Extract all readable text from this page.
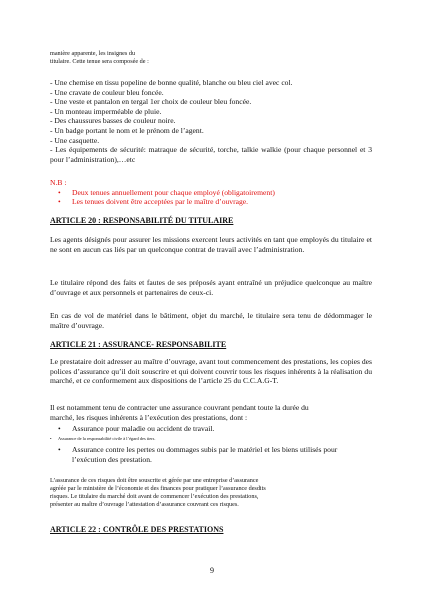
manière apparente, les insignes du
titulaire. Cette tenue sera composée de :
- Une chemise en tissu popeline de bonne qualité, blanche ou bleu ciel avec col.
- Une cravate de couleur bleu foncée.
- Une veste et pantalon en tergal 1er choix de couleur bleu foncée.
- Un monteau imperméable de pluie.
- Des chaussures basses de couleur noire.
- Un badge portant le nom et le prénom de l’agent.
- Une casquette.
- Les équipements de sécurité: matraque de sécurité, torche, talkie walkie (pour chaque personnel et 3 pour l’administration),…etc
N.B :
• Deux tenues annuellement pour chaque employé (obligatoirement)
• Les tenues doivent être acceptées par le maître d’ouvrage.
ARTICLE 20 : RESPONSABILITÉ DU TITULAIRE
Les agents désignés pour assurer les missions exercent leurs activités en tant que employés du titulaire et ne sont en aucun cas liés par un quelconque contrat de travail avec l’administration.
Le titulaire répond des faits et fautes de ses préposés ayant entraîné un préjudice quelconque au maître d’ouvrage et aux personnels et partenaires de ceux-ci.
En cas de vol de matériel dans le bâtiment, objet du marché, le titulaire sera tenu de dédommager le maître d’ouvrage.
ARTICLE 21 : ASSURANCE- RESPONSABILITE
Le prestataire doit adresser au maître d’ouvrage, avant tout commencement des prestations, les copies des polices d’assurance qu’il doit souscrire et qui doivent couvrir tous les risques inhérents à la réalisation du marché, et ce conformement aux dispositions de l’article 25 du C.C.A.G-T.
Il est notamment tenu de contracter une assurance couvrant pendant toute la durée du
marché, les risques inhérents à l’exécution des prestations, dont :
• Assurance pour maladie ou accident de travail.
• Assurance de la responsabilité civile à l’égard des tiers.
• Assurance contre les pertes ou dommages subis par le matériel et les biens utilisés pour l’exécution des prestation.
L’assurance de ces risques doit être souscrite et gérée par une entreprise d’assurance
agréée par le ministère de l’économie et des finances pour pratiquer l’assurance desdits
risques. Le titulaire du marché doit avant de commencer l’exécution des prestations,
présenter au maître d’ouvrage l’attestation d’assurance couvrant ces risques.
ARTICLE 22 : CONTRÔLE DES PRESTATIONS
9
